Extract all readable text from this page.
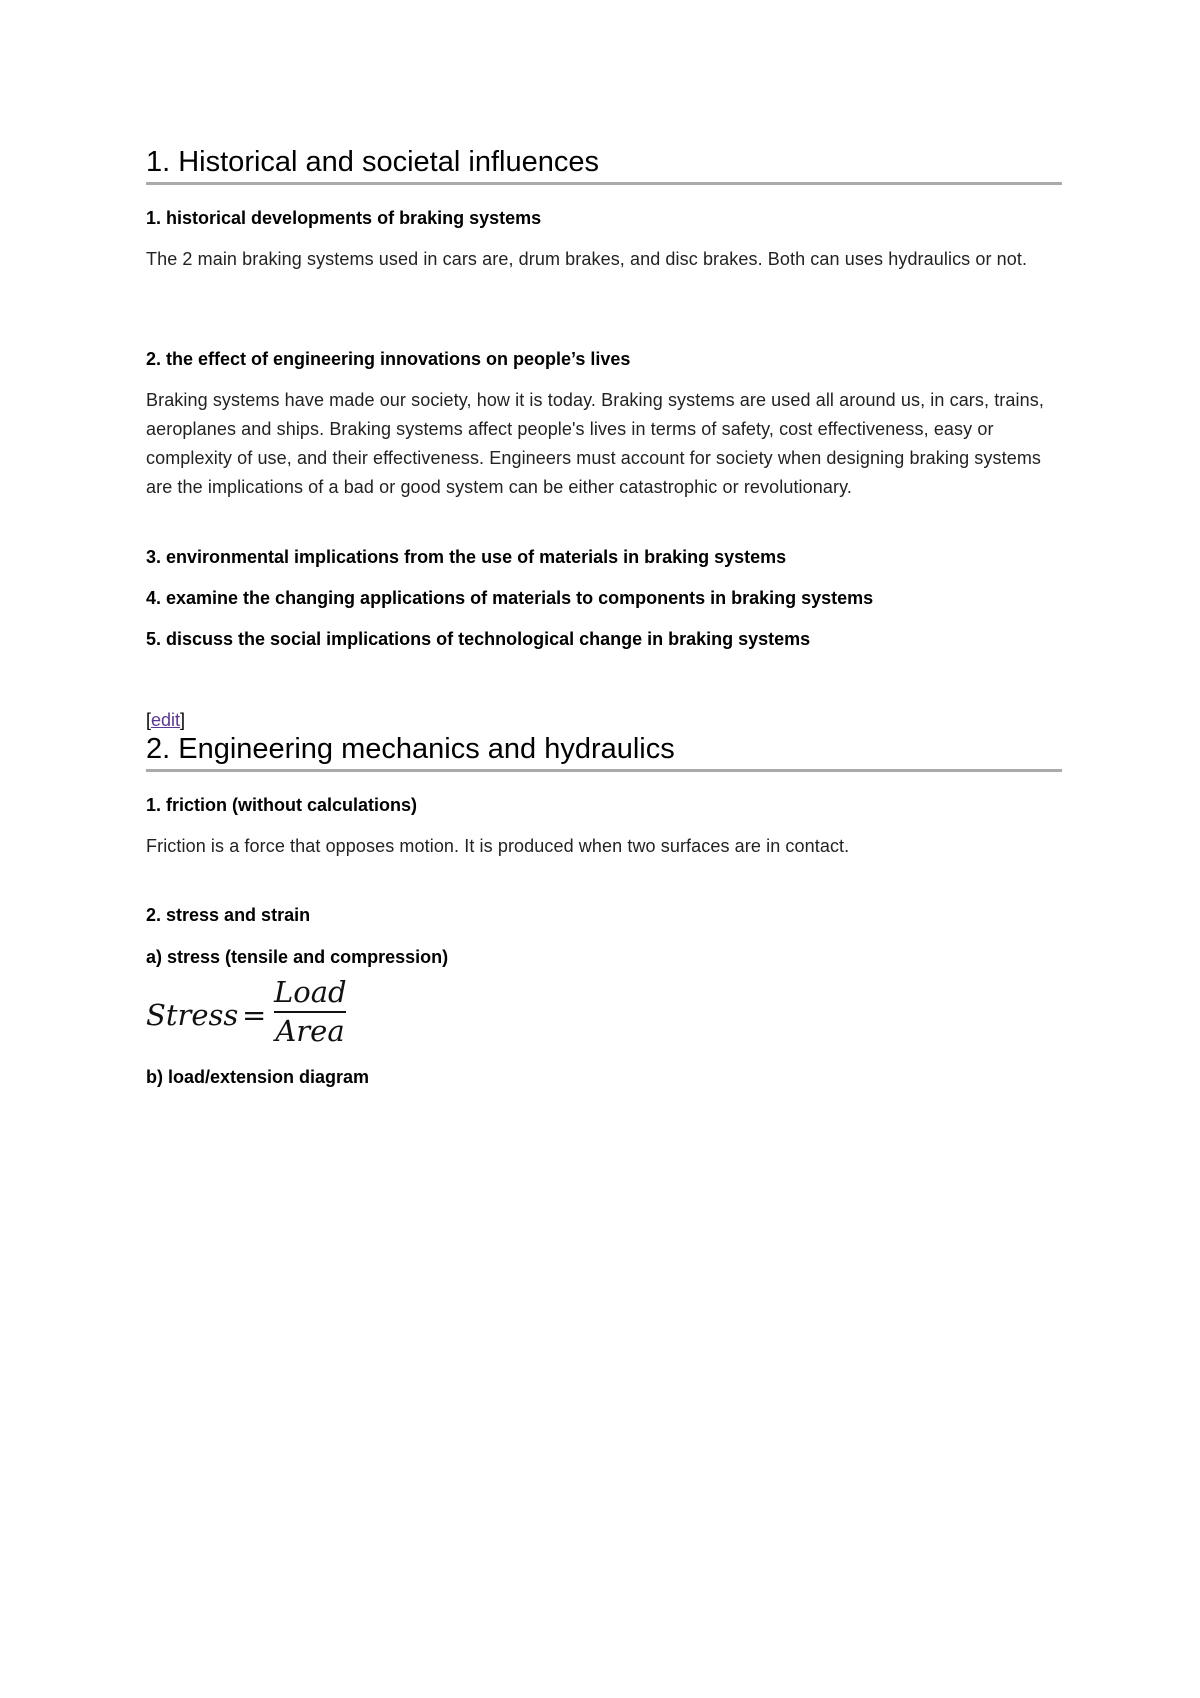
1. Historical and societal influences
1. historical developments of braking systems

The 2 main braking systems used in cars are, drum brakes, and disc brakes. Both can uses hydraulics or not.

2. the effect of engineering innovations on people’s lives

Braking systems have made our society, how it is today. Braking systems are used all around us, in cars, trains, aeroplanes and ships. Braking systems affect people's lives in terms of safety, cost effectiveness, easy or complexity of use, and their effectiveness. Engineers must account for society when designing braking systems are the implications of a bad or good system can be either catastrophic or revolutionary.

3. environmental implications from the use of materials in braking systems
4. examine the changing applications of materials to components in braking systems
5. discuss the social implications of technological change in braking systems
[edit]
2. Engineering mechanics and hydraulics
1. friction (without calculations)

Friction is a force that opposes motion. It is produced when two surfaces are in contact.

2. stress and strain
a) stress (tensile and compression)
Stress =
Load
Area
b) load/extension diagram
